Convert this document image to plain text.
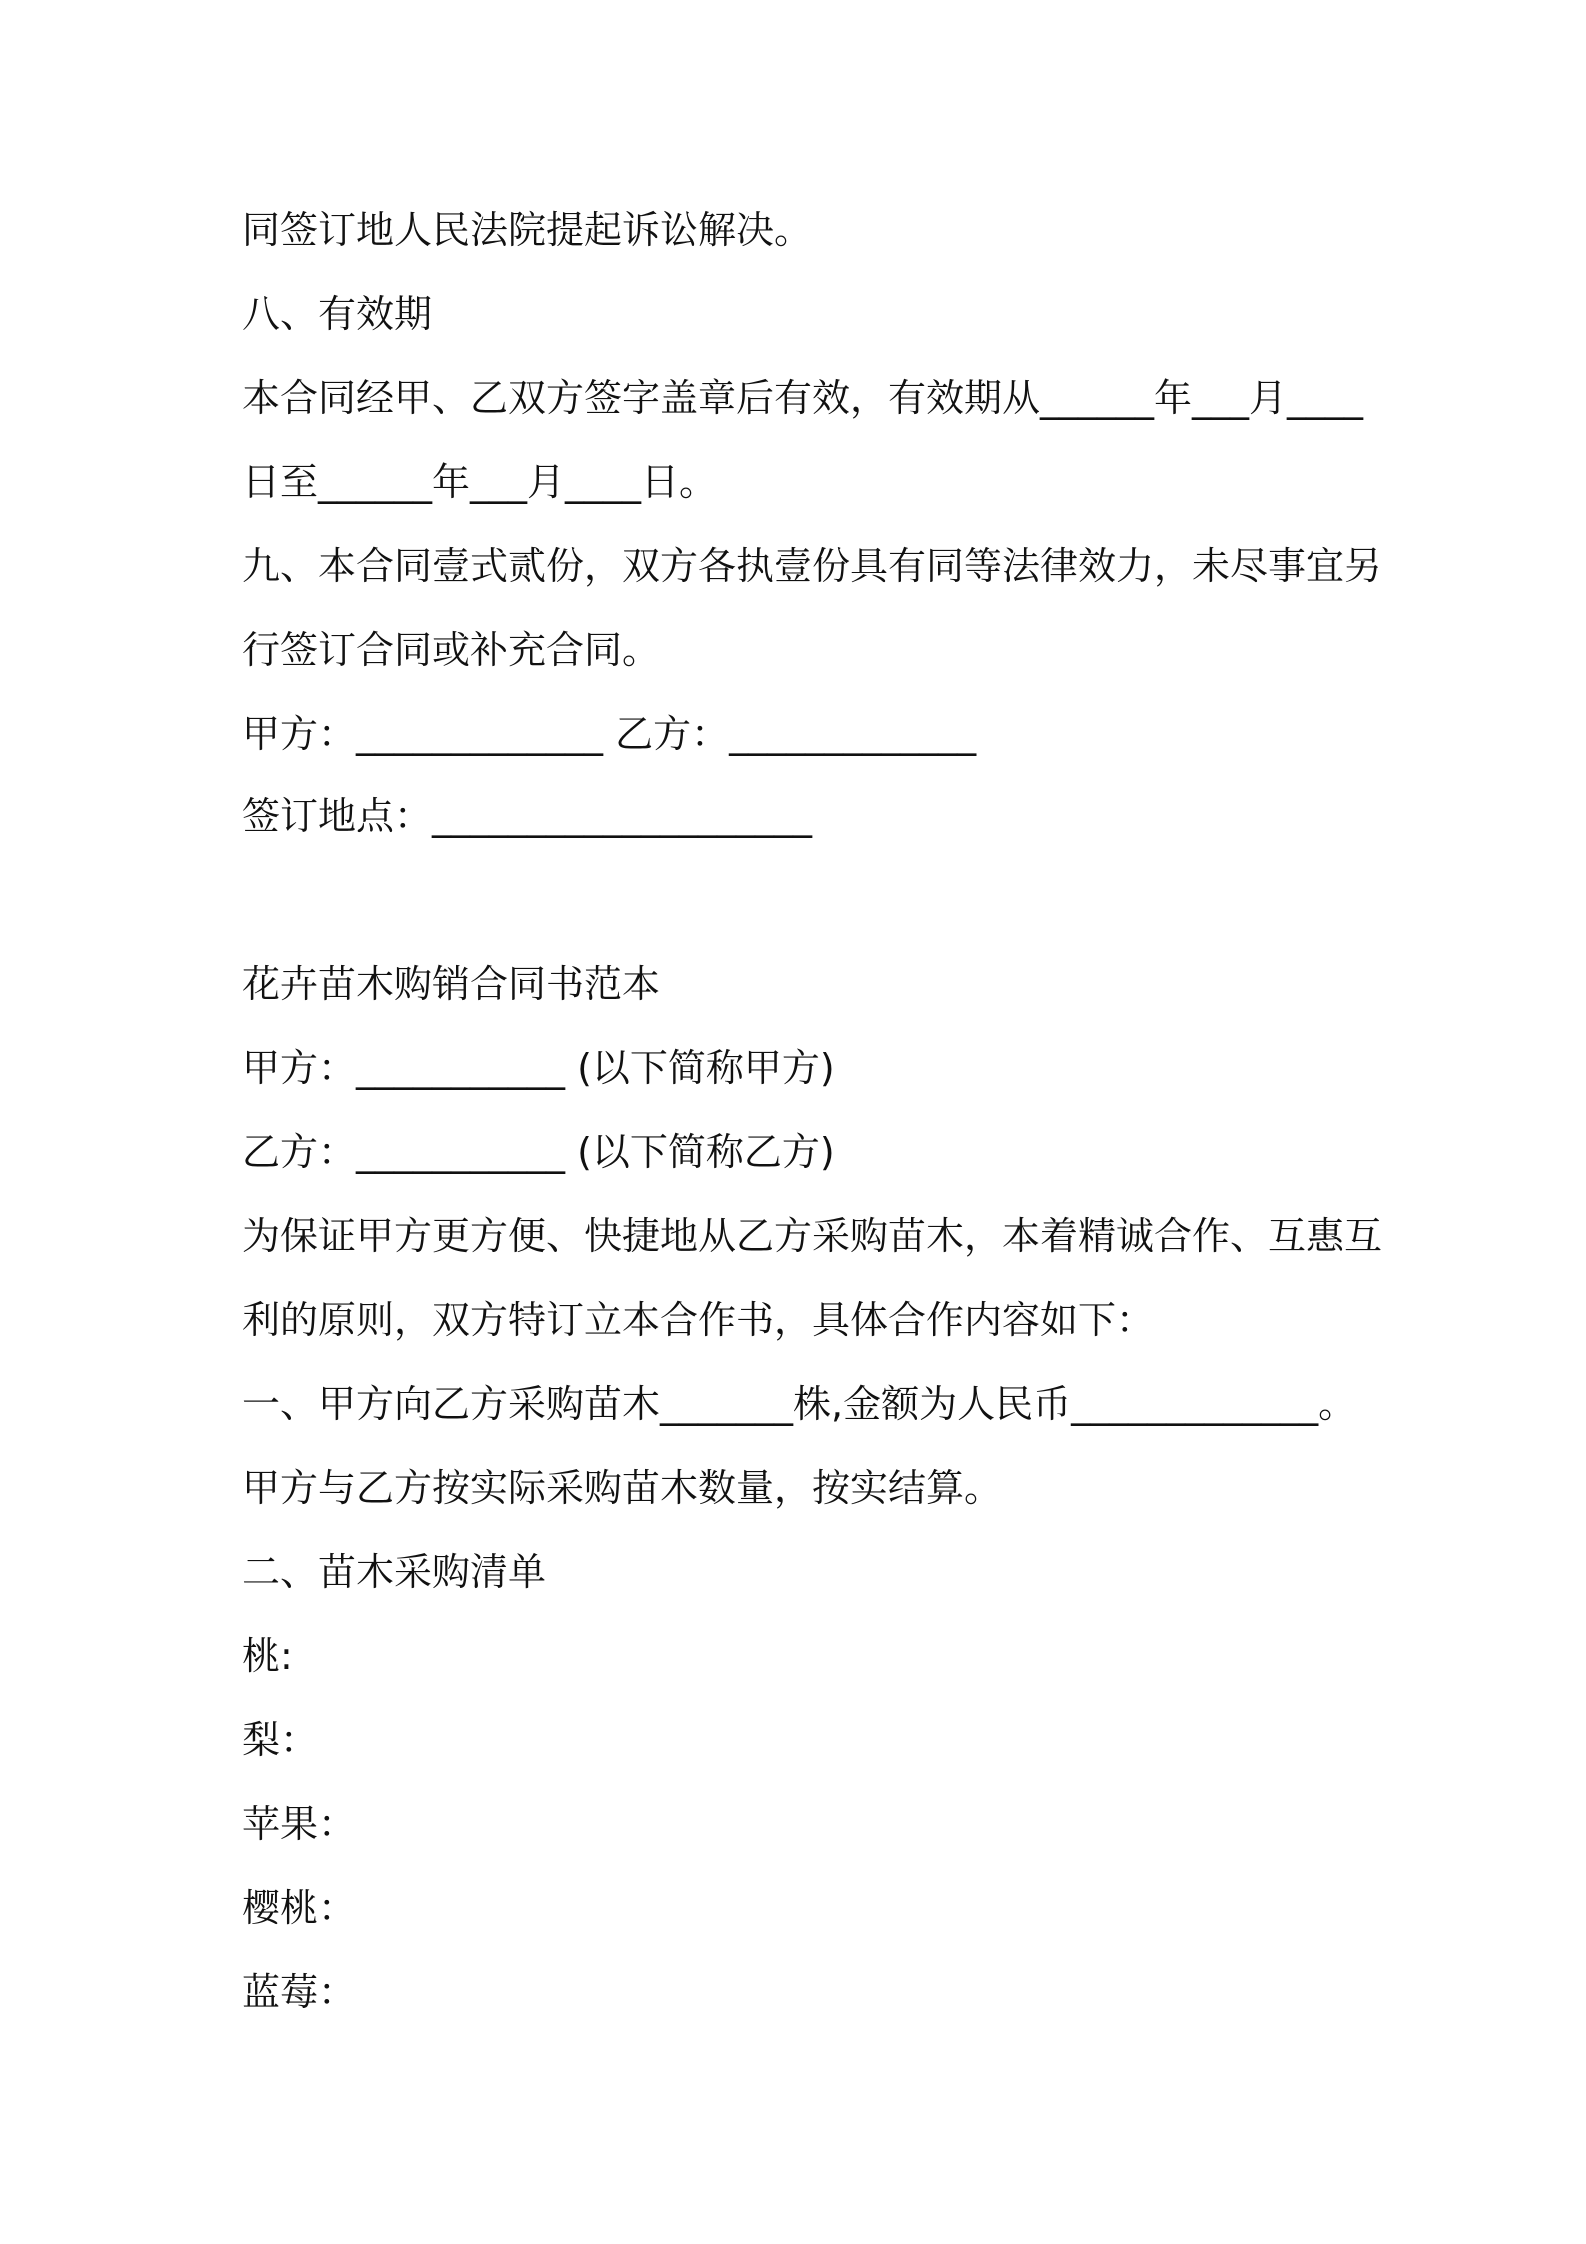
同签订地人民法院提起诉讼解决。
八、有效期
本合同经甲、乙双方签字盖章后有效，有效期从______年___月____
日至______年___月____日。
九、本合同壹式贰份，双方各执壹份具有同等法律效力，未尽事宜另
行签订合同或补充合同。
甲方：_____________ 乙方：_____________
签订地点：____________________
花卉苗木购销合同书范本
甲方：___________ (以下简称甲方)
乙方：___________ (以下简称乙方)
为保证甲方更方便、快捷地从乙方采购苗木，本着精诚合作、互惠互
利的原则，双方特订立本合作书，具体合作内容如下：
一、甲方向乙方采购苗木_______株,金额为人民币_____________。
甲方与乙方按实际采购苗木数量，按实结算。
二、苗木采购清单
桃:
梨：
苹果：
樱桃：
蓝莓：
